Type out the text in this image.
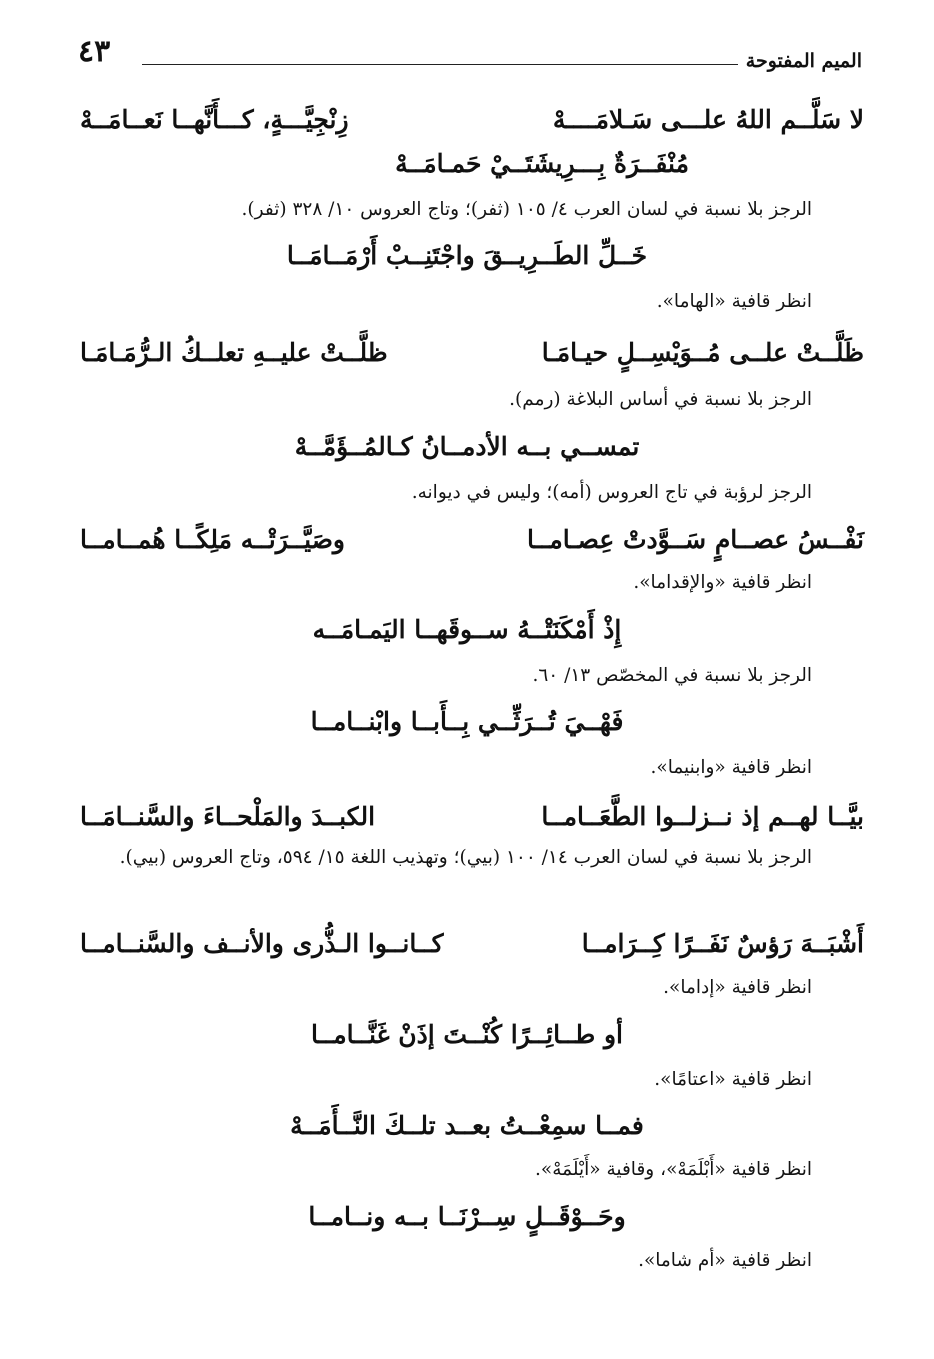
الميم المفتوحة
٤٣
لا سَلَّــم اللهُ علـــى سَـلامَــــهْ
زِنْجِيَّـــةٍ، كـــأَنَّهــا نَعــامَــهْ

مُنْفَــرَةٌ بِـــرِيشَتَــيْ حَمـامَــهْ

الرجز بلا نسبة في لسان العرب ٤/ ١٠٥ (ثفر)؛ وتاج العروس ١٠/ ٣٢٨ (ثفر).

خَــلِّ الطَــرِيــقَ واجْتَنِــبْ أَرْمَــامَــا

انظر قافية «الهاما».

ظَلَّــتْ علــى مُــوَيْسِــلٍ حيـامَـا
ظلَّــتْ عليــهِ تعلــكُ الـرُّمَـامَـا

الرجز بلا نسبة في أساس البلاغة (رمم).

تمســي بــه الأدمــانُ كـالمُــؤَمَّــهْ

الرجز لرؤبة في تاج العروس (أمه)؛ وليس في ديوانه.

نَفْــسُ عصــامٍ سَــوَّدتْ عِصـامــا
وصَيَّــرَتْــه مَلِكًــا هُمــامــا

انظر قافية «والإقداما».

إِذْ أَمْكَنَتْــهُ ســوقَهــا اليَمـامَــه

الرجز بلا نسبة في المخصّص ١٣/ ٦٠.

فَهْــيَ تُــرَثِّــي بِــأَبــا وابْنــامــا

انظر قافية «وابنيما».

بيَّــا لهــم إذ نــزلــوا الطَّعَــامــا
الكبــدَ والمَلْحــاءَ والسَّنــامَــا

الرجز بلا نسبة في لسان العرب ١٤/ ١٠٠ (بيي)؛ وتهذيب اللغة ١٥/ ٥٩٤، وتاج العروس (بيي).

أَشْبَــهَ رَؤسٌ نَفَــرًا كِــرَامــا
كــانــوا الـذُّرى والأنــف والسَّنــامــا

انظر قافية «إداما».

أو طــائِــرًا كُنْــتَ إذَنْ غَنَّــامــا

انظر قافية «اعتامًا».

فمــا سمِعْــتُ بعــد تلــكَ النَّــأَمَــهْ

انظر قافية «أَبْلَمَهْ»، وقافية «أَيْلَمَهْ».

وحَــوْقَــلٍ سِــرْنَــا بــه ونــامــا

انظر قافية «أم شاما».
